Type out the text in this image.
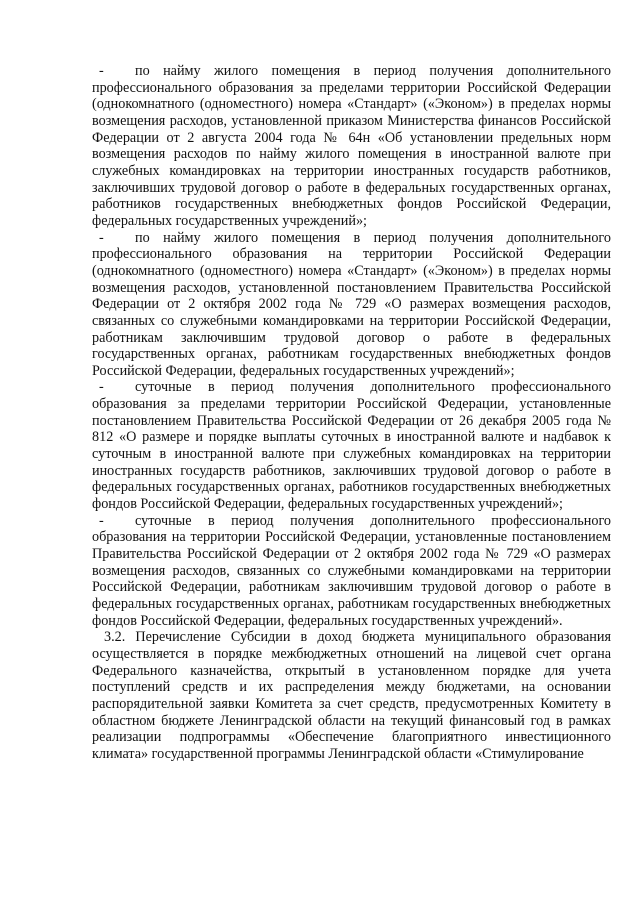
- по найму жилого помещения в период получения дополнительного профессионального образования за пределами территории Российской Федерации (однокомнатного (одноместного) номера «Стандарт» («Эконом») в пределах нормы возмещения расходов, установленной приказом Министерства финансов Российской Федерации от 2 августа 2004 года № 64н «Об установлении предельных норм возмещения расходов по найму жилого помещения в иностранной валюте при служебных командировках на территории иностранных государств работников, заключивших трудовой договор о работе в федеральных государственных органах, работников государственных внебюджетных фондов Российской Федерации, федеральных государственных учреждений»;

- по найму жилого помещения в период получения дополнительного профессионального образования на территории Российской Федерации (однокомнатного (одноместного) номера «Стандарт» («Эконом») в пределах нормы возмещения расходов, установленной постановлением Правительства Российской Федерации от 2 октября 2002 года № 729 «О размерах возмещения расходов, связанных со служебными командировками на территории Российской Федерации, работникам заключившим трудовой договор о работе в федеральных государственных органах, работникам государственных внебюджетных фондов Российской Федерации, федеральных государственных учреждений»;

- суточные в период получения дополнительного профессионального образования за пределами территории Российской Федерации, установленные постановлением Правительства Российской Федерации от 26 декабря 2005 года № 812 «О размере и порядке выплаты суточных в иностранной валюте и надбавок к суточным в иностранной валюте при служебных командировках на территории иностранных государств работников, заключивших трудовой договор о работе в федеральных государственных органах, работников государственных внебюджетных фондов Российской Федерации, федеральных государственных учреждений»;

- суточные в период получения дополнительного профессионального образования на территории Российской Федерации, установленные постановлением Правительства Российской Федерации от 2 октября 2002 года № 729 «О размерах возмещения расходов, связанных со служебными командировками на территории Российской Федерации, работникам заключившим трудовой договор о работе в федеральных государственных органах, работникам государственных внебюджетных фондов Российской Федерации, федеральных государственных учреждений».

3.2. Перечисление Субсидии в доход бюджета муниципального образования осуществляется в порядке межбюджетных отношений на лицевой счет органа Федерального казначейства, открытый в установленном порядке для учета поступлений средств и их распределения между бюджетами, на основании распорядительной заявки Комитета за счет средств, предусмотренных Комитету в областном бюджете Ленинградской области на текущий финансовый год в рамках реализации подпрограммы «Обеспечение благоприятного инвестиционного климата» государственной программы Ленинградской области «Стимулирование
